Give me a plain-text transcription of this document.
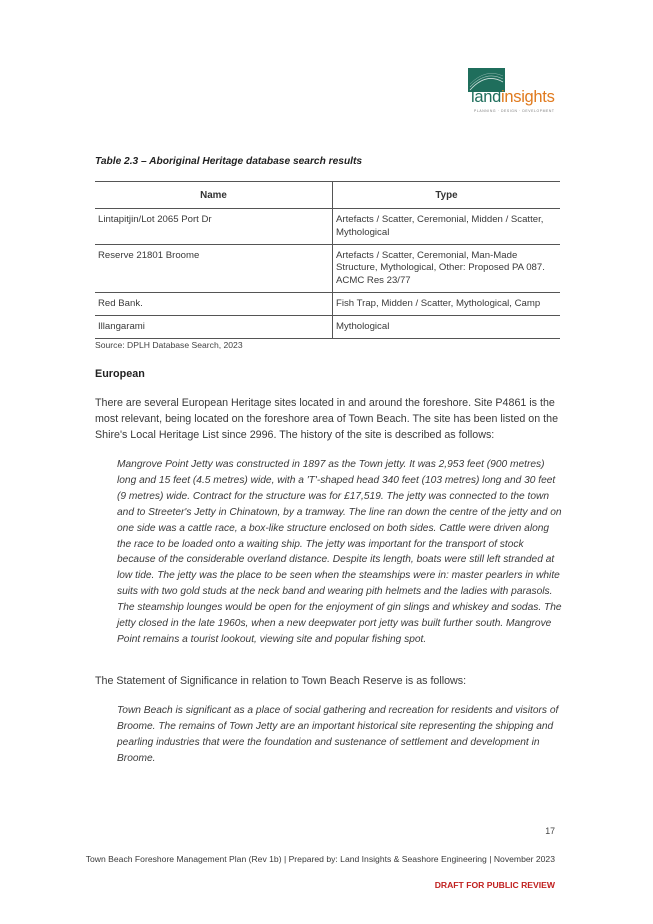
landinsights
PLANNING · DESIGN · DEVELOPMENT
Table 2.3 – Aboriginal Heritage database search results
Name	Type
Lintapitjin/Lot 2065 Port Dr	Artefacts / Scatter, Ceremonial, Midden / Scatter, Mythological
Reserve 21801 Broome	Artefacts / Scatter, Ceremonial, Man-Made Structure, Mythological, Other: Proposed PA 087. ACMC Res 23/77
Red Bank.	Fish Trap, Midden / Scatter, Mythological, Camp
Illangarami	Mythological
Source: DPLH Database Search, 2023
European
There are several European Heritage sites located in and around the foreshore. Site P4861 is the most relevant, being located on the foreshore area of Town Beach. The site has been listed on the Shire's Local Heritage List since 2996. The history of the site is described as follows:
Mangrove Point Jetty was constructed in 1897 as the Town jetty. It was 2,953 feet (900 metres) long and 15 feet (4.5 metres) wide, with a 'T'-shaped head 340 feet (103 metres) long and 30 feet (9 metres) wide. Contract for the structure was for £17,519. The jetty was connected to the town and to Streeter's Jetty in Chinatown, by a tramway. The line ran down the centre of the jetty and on one side was a cattle race, a box-like structure enclosed on both sides. Cattle were driven along the race to be loaded onto a waiting ship. The jetty was important for the transport of stock because of the considerable overland distance. Despite its length, boats were still left stranded at low tide. The jetty was the place to be seen when the steamships were in: master pearlers in white suits with two gold studs at the neck band and wearing pith helmets and the ladies with parasols. The steamship lounges would be open for the enjoyment of gin slings and whiskey and sodas. The jetty closed in the late 1960s, when a new deepwater port jetty was built further south. Mangrove Point remains a tourist lookout, viewing site and popular fishing spot.
The Statement of Significance in relation to Town Beach Reserve is as follows:
Town Beach is significant as a place of social gathering and recreation for residents and visitors of Broome. The remains of Town Jetty are an important historical site representing the shipping and pearling industries that were the foundation and sustenance of settlement and development in Broome.
17
Town Beach Foreshore Management Plan (Rev 1b) | Prepared by: Land Insights & Seashore Engineering | November 2023
DRAFT FOR PUBLIC REVIEW
